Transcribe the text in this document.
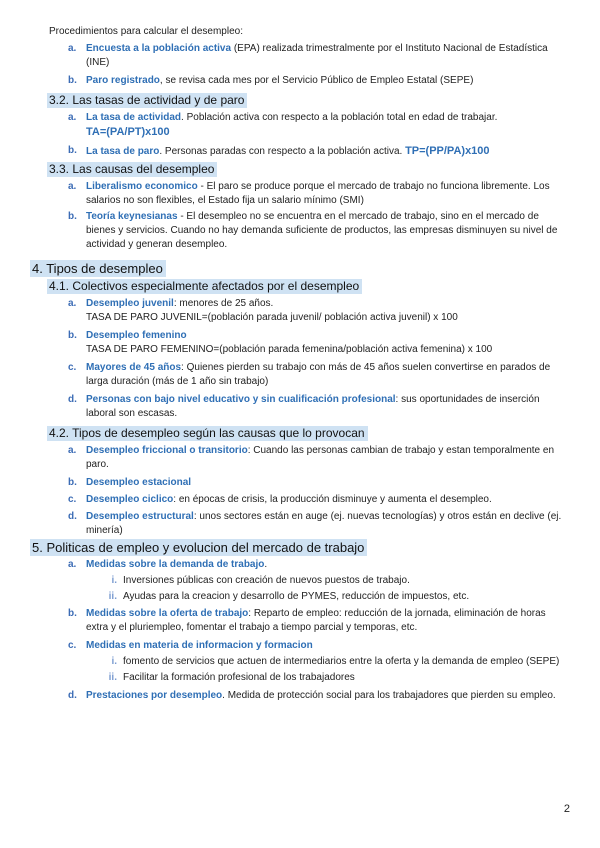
Procedimientos para calcular el desempleo:
a. Encuesta a la población activa (EPA) realizada trimestralmente por el Instituto Nacional de Estadística (INE)
b. Paro registrado, se revisa cada mes por el Servicio Público de Empleo Estatal (SEPE)
3.2. Las tasas de actividad y de paro
a. La tasa de actividad. Población activa con respecto a la población total en edad de trabajar.
TA=(PA/PT)x100
b. La tasa de paro. Personas paradas con respecto a la población activa. TP=(PP/PA)x100
3.3. Las causas del desempleo
a. Liberalismo economico - El paro se produce porque el mercado de trabajo no funciona libremente. Los salarios no son flexibles, el Estado fija un salario mínimo (SMI)
b. Teoría keynesianas - El desempleo no se encuentra en el mercado de trabajo, sino en el mercado de bienes y servicios. Cuando no hay demanda suficiente de productos, las empresas disminuyen su nivel de actividad y generan desempleo.
4. Tipos de desempleo
4.1. Colectivos especialmente afectados por el desempleo
a. Desempleo juvenil: menores de 25 años.
TASA DE PARO JUVENIL=(población parada juvenil/ población activa juvenil) x 100
b. Desempleo femenino
TASA DE PARO FEMENINO=(población parada femenina/población activa femenina) x 100
c. Mayores de 45 años: Quienes pierden su trabajo con más de 45 años suelen convertirse en parados de larga duración (más de 1 año sin trabajo)
d. Personas con bajo nivel educativo y sin cualificación profesional: sus oportunidades de inserción laboral son escasas.
4.2. Tipos de desempleo según las causas que lo provocan
a. Desempleo friccional o transitorio: Cuando las personas cambian de trabajo y estan temporalmente en paro.
b. Desempleo estacional
c. Desempleo ciclico: en épocas de crisis, la producción disminuye y aumenta el desempleo.
d. Desempleo estructural: unos sectores están en auge (ej. nuevas tecnologías) y otros están en declive (ej. minería)
5. Politicas de empleo y evolucion del mercado de trabajo
a. Medidas sobre la demanda de trabajo.
i. Inversiones públicas con creación de nuevos puestos de trabajo.
ii. Ayudas para la creacion y desarrollo de PYMES, reducción de impuestos, etc.
b. Medidas sobre la oferta de trabajo: Reparto de empleo: reducción de la jornada, eliminación de horas extra y el pluriempleo, fomentar el trabajo a tiempo parcial y temporas, etc.
c. Medidas en materia de informacion y formacion
i. fomento de servicios que actuen de intermediarios entre la oferta y la demanda de empleo (SEPE)
ii. Facilitar la formación profesional de los trabajadores
d. Prestaciones por desempleo. Medida de protección social para los trabajadores que pierden su empleo.
2
